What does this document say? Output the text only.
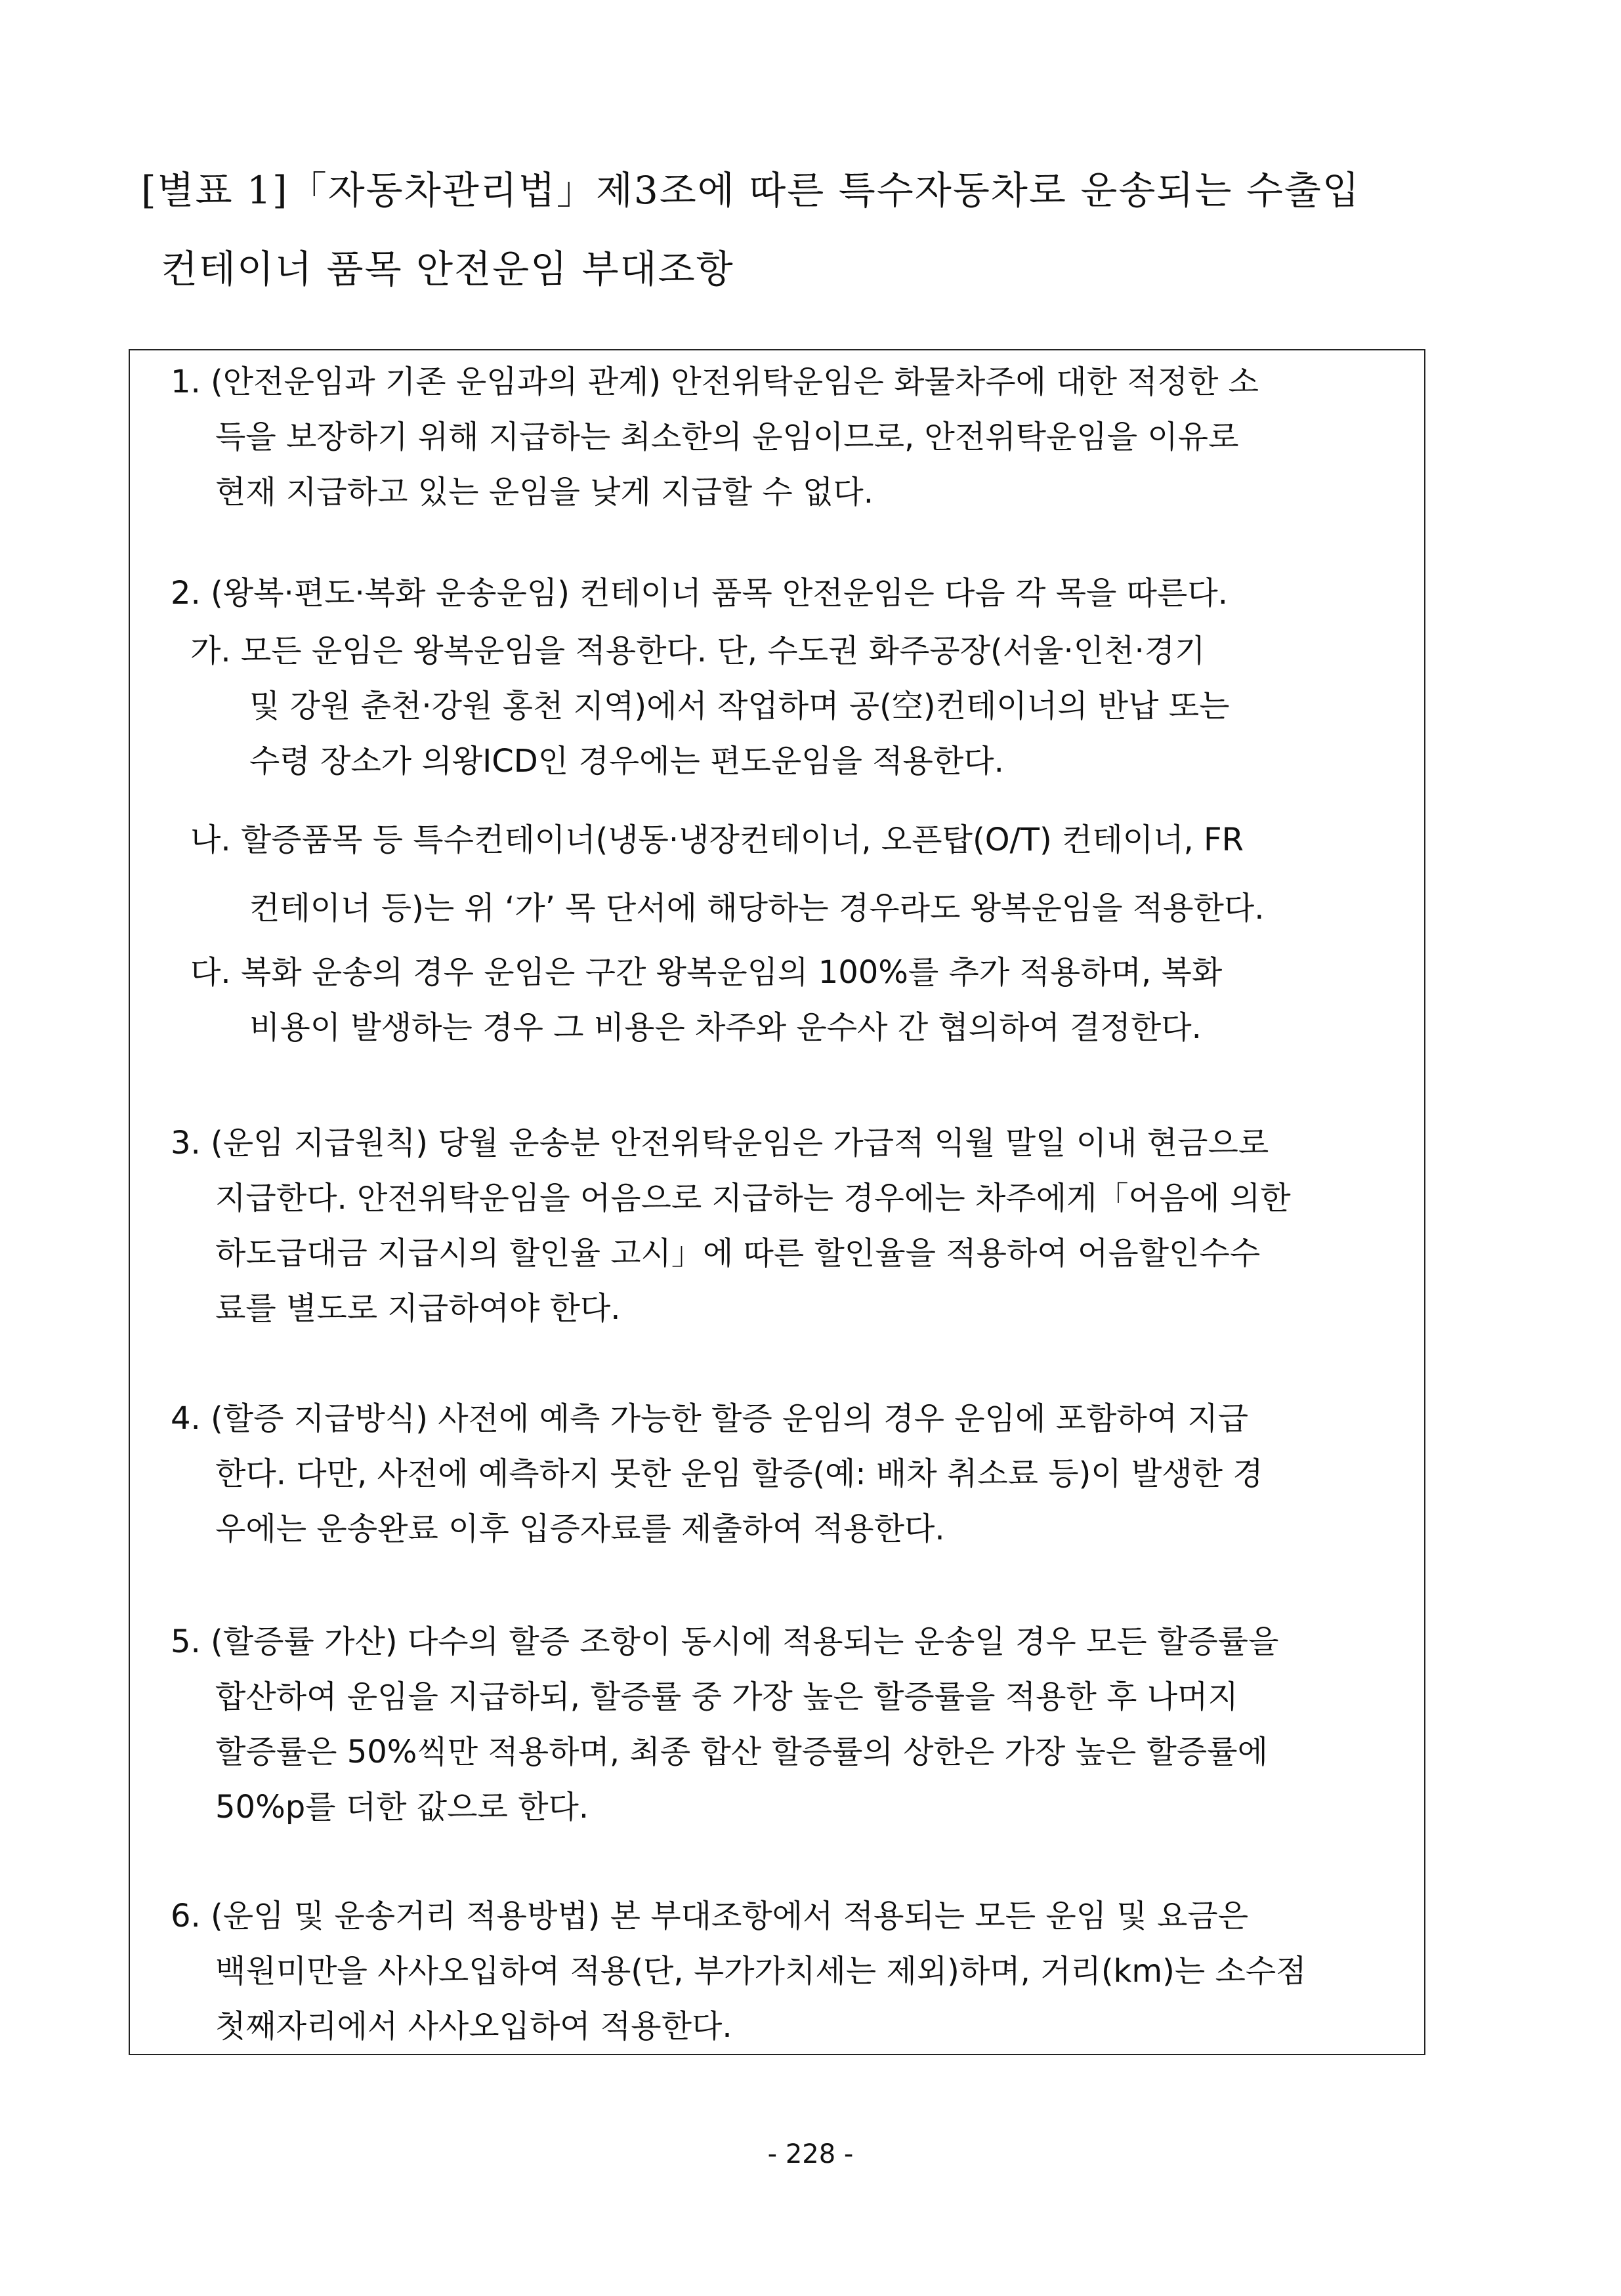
[별표 1]「자동차관리법」제3조에 따른 특수자동차로 운송되는 수출입
컨테이너 품목 안전운임 부대조항
1. (안전운임과 기존 운임과의 관계) 안전위탁운임은 화물차주에 대한 적정한 소
득을 보장하기 위해 지급하는 최소한의 운임이므로, 안전위탁운임을 이유로
현재 지급하고 있는 운임을 낮게 지급할 수 없다.
2. (왕복·편도·복화 운송운임) 컨테이너 품목 안전운임은 다음 각 목을 따른다.
가. 모든 운임은 왕복운임을 적용한다. 단, 수도권 화주공장(서울·인천·경기
및 강원 춘천·강원 홍천 지역)에서 작업하며 공(空)컨테이너의 반납 또는
수령 장소가 의왕ICD인 경우에는 편도운임을 적용한다.
나. 할증품목 등 특수컨테이너(냉동·냉장컨테이너, 오픈탑(O/T) 컨테이너, FR
컨테이너 등)는 위 ‘가’ 목 단서에 해당하는 경우라도 왕복운임을 적용한다.
다. 복화 운송의 경우 운임은 구간 왕복운임의 100%를 추가 적용하며, 복화
비용이 발생하는 경우 그 비용은 차주와 운수사 간 협의하여 결정한다.
3. (운임 지급원칙) 당월 운송분 안전위탁운임은 가급적 익월 말일 이내 현금으로
지급한다. 안전위탁운임을 어음으로 지급하는 경우에는 차주에게「어음에 의한
하도급대금 지급시의 할인율 고시」에 따른 할인율을 적용하여 어음할인수수
료를 별도로 지급하여야 한다.
4. (할증 지급방식) 사전에 예측 가능한 할증 운임의 경우 운임에 포함하여 지급
한다. 다만, 사전에 예측하지 못한 운임 할증(예: 배차 취소료 등)이 발생한 경
우에는 운송완료 이후 입증자료를 제출하여 적용한다.
5. (할증률 가산) 다수의 할증 조항이 동시에 적용되는 운송일 경우 모든 할증률을
합산하여 운임을 지급하되, 할증률 중 가장 높은 할증률을 적용한 후 나머지
할증률은 50%씩만 적용하며, 최종 합산 할증률의 상한은 가장 높은 할증률에
50%p를 더한 값으로 한다.
6. (운임 및 운송거리 적용방법) 본 부대조항에서 적용되는 모든 운임 및 요금은
백원미만을 사사오입하여 적용(단, 부가가치세는 제외)하며, 거리(km)는 소수점
첫째자리에서 사사오입하여 적용한다.
- 228 -
